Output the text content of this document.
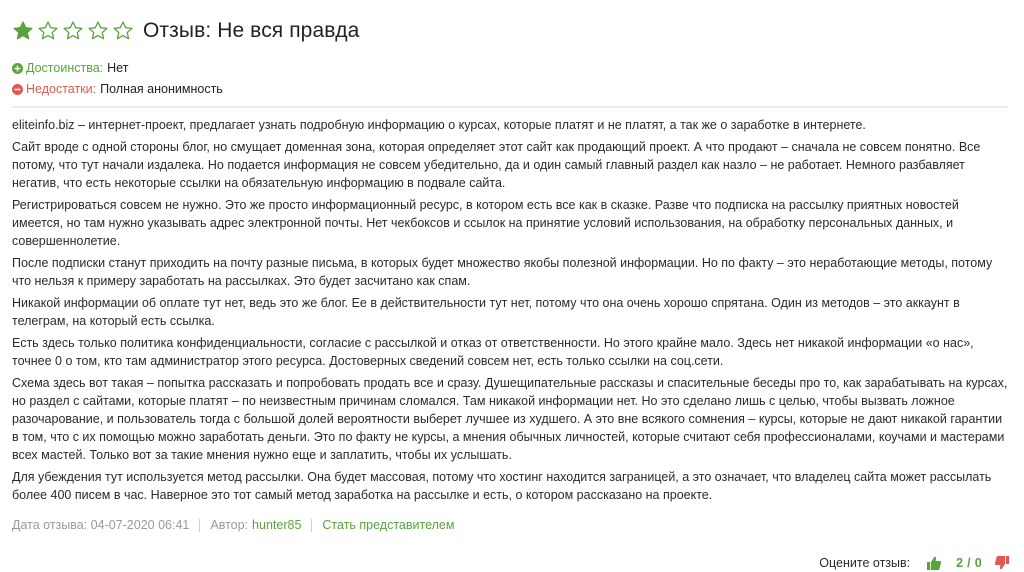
Отзыв: Не вся правда
Достоинства: Нет
Недостатки: Полная анонимность

eliteinfo.biz – интернет-проект, предлагает узнать подробную информацию о курсах, которые платят и не платят, а так же о заработке в интернете.

Сайт вроде с одной стороны блог, но смущает доменная зона, которая определяет этот сайт как продающий проект. А что продают – сначала не совсем понятно. Все потому, что тут начали издалека. Но подается информация не совсем убедительно, да и один самый главный раздел как назло – не работает. Немного разбавляет негатив, что есть некоторые ссылки на обязательную информацию в подвале сайта.

Регистрироваться совсем не нужно. Это же просто информационный ресурс, в котором есть все как в сказке. Разве что подписка на рассылку приятных новостей имеется, но там нужно указывать адрес электронной почты. Нет чекбоксов и ссылок на принятие условий использования, на обработку персональных данных, и совершеннолетие.

После подписки станут приходить на почту разные письма, в которых будет множество якобы полезной информации. Но по факту – это неработающие методы, потому что нельзя к примеру заработать на рассылках. Это будет засчитано как спам.

Никакой информации об оплате тут нет, ведь это же блог. Ее в действительности тут нет, потому что она очень хорошо спрятана. Один из методов – это аккаунт в телеграм, на который есть ссылка.

Есть здесь только политика конфиденциальности, согласие с рассылкой и отказ от ответственности. Но этого крайне мало. Здесь нет никакой информации «о нас», точнее 0 о том, кто там администратор этого ресурса. Достоверных сведений совсем нет, есть только ссылки на соц.сети.

Схема здесь вот такая – попытка рассказать и попробовать продать все и сразу. Душещипательные рассказы и спасительные беседы про то, как зарабатывать на курсах, но раздел с сайтами, которые платят – по неизвестным причинам сломался. Там никакой информации нет. Но это сделано лишь с целью, чтобы вызвать ложное разочарование, и пользователь тогда с большой долей вероятности выберет лучшее из худшего. А это вне всякого сомнения – курсы, которые не дают никакой гарантии в том, что с их помощью можно заработать деньги. Это по факту не курсы, а мнения обычных личностей, которые считают себя профессионалами, коучами и мастерами всех мастей. Только вот за такие мнения нужно еще и заплатить, чтобы их услышать.

Для убеждения тут используется метод рассылки. Она будет массовая, потому что хостинг находится заграницей, а это означает, что владелец сайта может рассылать более 400 писем в час. Наверное это тот самый метод заработка на рассылке и есть, о котором рассказано на проекте.

Дата отзыва: 04-07-2020 06:41 Автор: hunter85 Стать представителем
Оцените отзыв:	2 / 0
